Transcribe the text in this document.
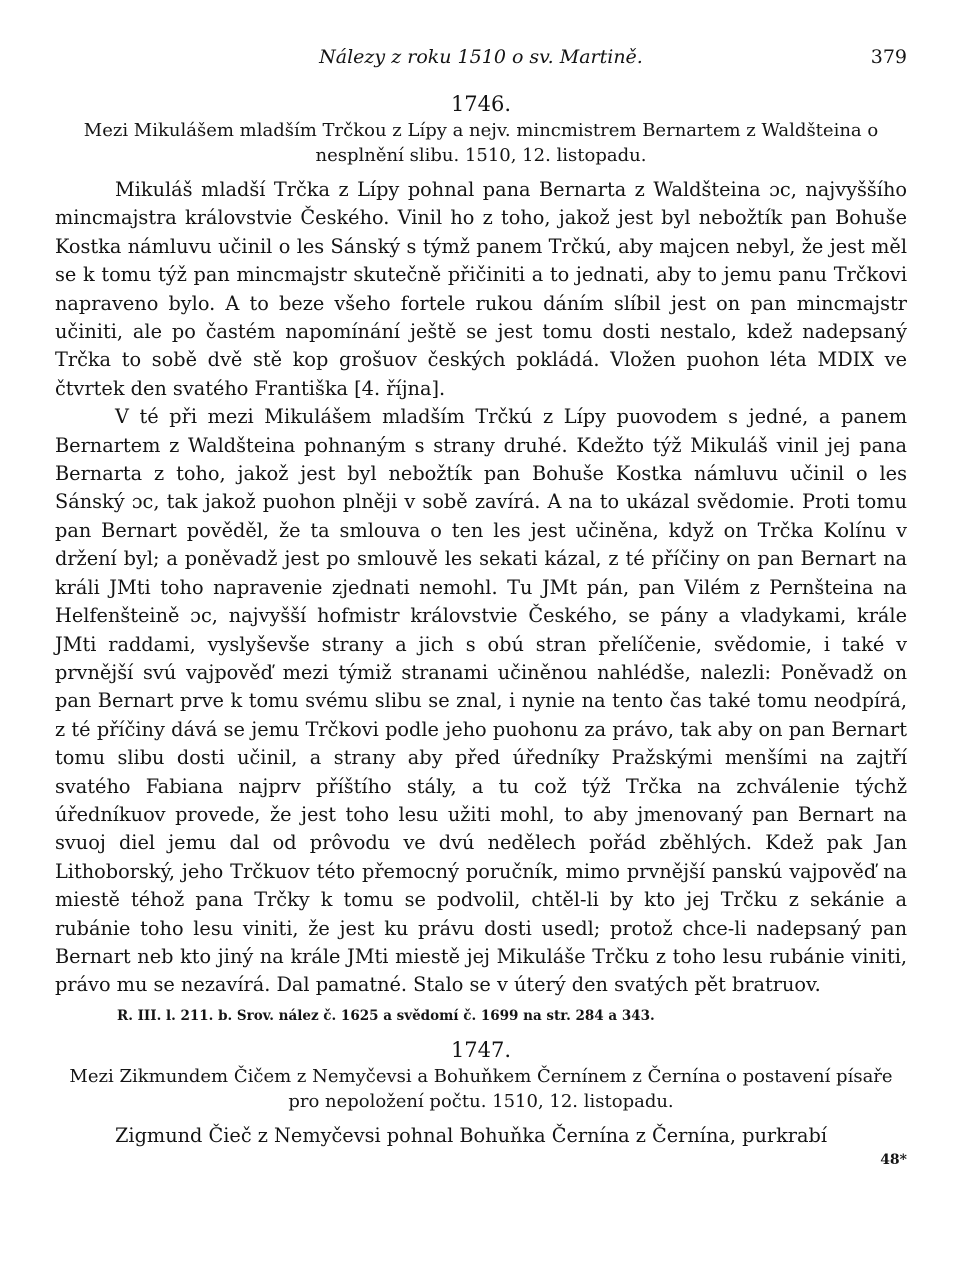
Nálezy z roku 1510 o sv. Martině.	379
1746.
Mezi Mikulášem mladším Trčkou z Lípy a nejv. mincmistrem Bernartem z Waldšteina o nesplnění slibu. 1510, 12. listopadu.

Mikuláš mladší Trčka z Lípy pohnal pana Bernarta z Waldšteina ɔc, najvyššího mincmajstra královstvie Českého. Vinil ho z toho, jakož jest byl nebožtík pan Bohuše Kostka námluvu učinil o les Sánský s týmž panem Trčkú, aby majcen nebyl, že jest měl se k tomu týž pan mincmajstr skutečně přičiniti a to jednati, aby to jemu panu Trčkovi napraveno bylo. A to beze všeho fortele rukou dáním slíbil jest on pan mincmajstr učiniti, ale po častém napomínání ještě se jest tomu dosti nestalo, kdež nadepsaný Trčka to sobě dvě stě kop grošuov českých pokládá. Vložen puohon léta MDIX ve čtvrtek den svatého Františka [4. října].

V té při mezi Mikulášem mladším Trčkú z Lípy puovodem s jedné, a panem Bernartem z Waldšteina pohnaným s strany druhé. Kdežto týž Mikuláš vinil jej pana Bernarta z toho, jakož jest byl nebožtík pan Bohuše Kostka námluvu učinil o les Sánský ɔc, tak jakož puohon plněji v sobě zavírá. A na to ukázal svědomie. Proti tomu pan Bernart pověděl, že ta smlouva o ten les jest učiněna, když on Trčka Kolínu v držení byl; a poněvadž jest po smlouvě les sekati kázal, z té příčiny on pan Bernart na králi JMti toho napravenie zjednati nemohl. Tu JMt pán, pan Vilém z Pernšteina na Helfenšteině ɔc, najvyšší hofmistr královstvie Českého, se pány a vladykami, krále JMti raddami, vyslyševše strany a jich s obú stran přelíčenie, svědomie, i také v prvnější svú vajpověď mezi týmiž stranami učiněnou nahlédše, nalezli: Poněvadž on pan Bernart prve k tomu svému slibu se znal, i nynie na tento čas také tomu neodpírá, z té příčiny dává se jemu Trčkovi podle jeho puohonu za právo, tak aby on pan Bernart tomu slibu dosti učinil, a strany aby před úředníky Pražskými menšími na zajtří svatého Fabiana najprv příštího stály, a tu což týž Trčka na zchválenie týchž úředníkuov provede, že jest toho lesu užiti mohl, to aby jmenovaný pan Bernart na svuoj diel jemu dal od prôvodu ve dvú nedělech pořád zběhlých. Kdež pak Jan Lithoborský, jeho Trčkuov této přemocný poručník, mimo prvnější panskú vajpověď na miestě téhož pana Trčky k tomu se podvolil, chtěl-li by kto jej Trčku z sekánie a rubánie toho lesu viniti, že jest ku právu dosti usedl; protož chce-li nadepsaný pan Bernart neb kto jiný na krále JMti miestě jej Mikuláše Trčku z toho lesu rubánie viniti, právo mu se nezavírá. Dal pamatné. Stalo se v úterý den svatých pět bratruov.

R. III. l. 211. b. Srov. nález č. 1625 a svědomí č. 1699 na str. 284 a 343.
1747.
Mezi Zikmundem Čičem z Nemyčevsi a Bohuňkem Černínem z Černína o postavení písaře pro nepoložení počtu. 1510, 12. listopadu.

Zigmund Čieč z Nemyčevsi pohnal Bohuňka Černína z Černína, purkrabí

48*
